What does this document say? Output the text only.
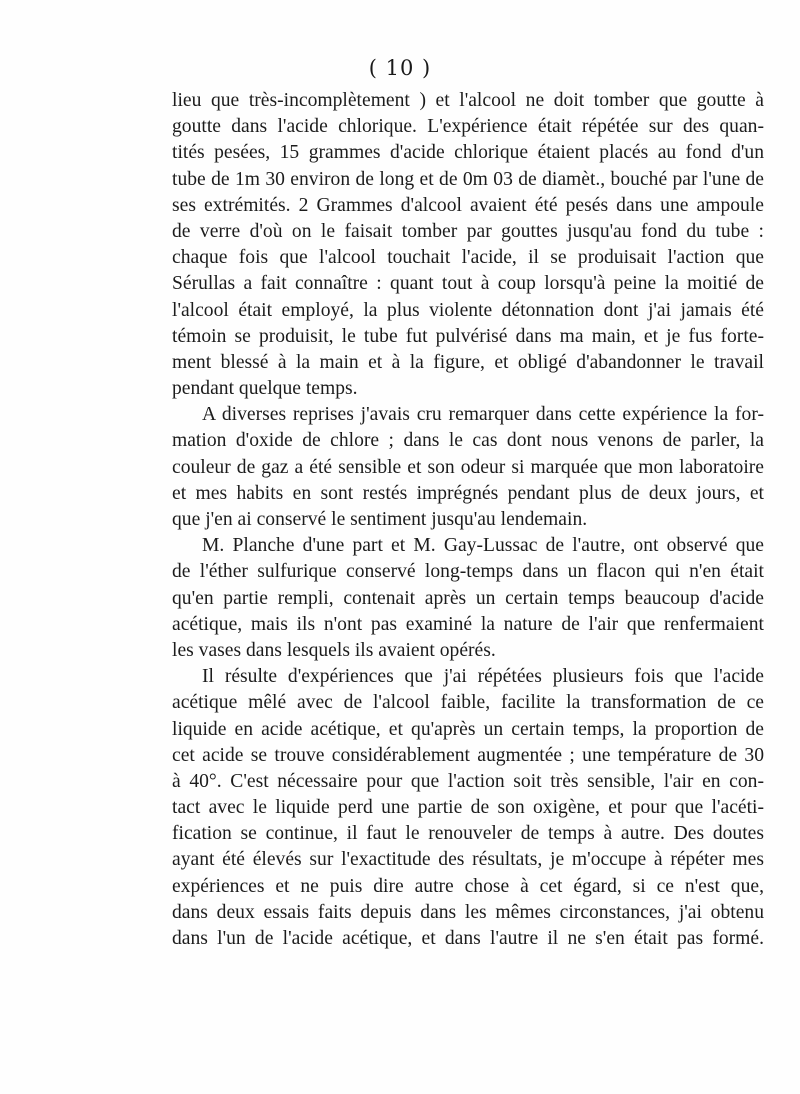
( 10 )
lieu que très-incomplètement ) et l'alcool ne doit tomber que goutte à
goutte dans l'acide chlorique. L'expérience était répétée sur des quan-
tités pesées, 15 grammes d'acide chlorique étaient placés au fond d'un
tube de 1m 30 environ de long et de 0m 03 de diamèt., bouché par l'une de
ses extrémités. 2 Grammes d'alcool avaient été pesés dans une ampoule
de verre d'où on le faisait tomber par gouttes jusqu'au fond du tube :
chaque fois que l'alcool touchait l'acide, il se produisait l'action que
Sérullas a fait connaître : quant tout à coup lorsqu'à peine la moitié de
l'alcool était employé, la plus violente détonnation dont j'ai jamais été
témoin se produisit, le tube fut pulvérisé dans ma main, et je fus forte-
ment blessé à la main et à la figure, et obligé d'abandonner le travail
pendant quelque temps.
A diverses reprises j'avais cru remarquer dans cette expérience la for-
mation d'oxide de chlore ; dans le cas dont nous venons de parler, la
couleur de gaz a été sensible et son odeur si marquée que mon laboratoire
et mes habits en sont restés imprégnés pendant plus de deux jours, et
que j'en ai conservé le sentiment jusqu'au lendemain.
M. Planche d'une part et M. Gay-Lussac de l'autre, ont observé que
de l'éther sulfurique conservé long-temps dans un flacon qui n'en était
qu'en partie rempli, contenait après un certain temps beaucoup d'acide
acétique, mais ils n'ont pas examiné la nature de l'air que renfermaient
les vases dans lesquels ils avaient opérés.
Il résulte d'expériences que j'ai répétées plusieurs fois que l'acide
acétique mêlé avec de l'alcool faible, facilite la transformation de ce
liquide en acide acétique, et qu'après un certain temps, la proportion de
cet acide se trouve considérablement augmentée ; une température de 30
à 40°. C'est nécessaire pour que l'action soit très sensible, l'air en con-
tact avec le liquide perd une partie de son oxigène, et pour que l'acéti-
fication se continue, il faut le renouveler de temps à autre. Des doutes
ayant été élevés sur l'exactitude des résultats, je m'occupe à répéter mes
expériences et ne puis dire autre chose à cet égard, si ce n'est que,
dans deux essais faits depuis dans les mêmes circonstances, j'ai obtenu
dans l'un de l'acide acétique, et dans l'autre il ne s'en était pas formé.
